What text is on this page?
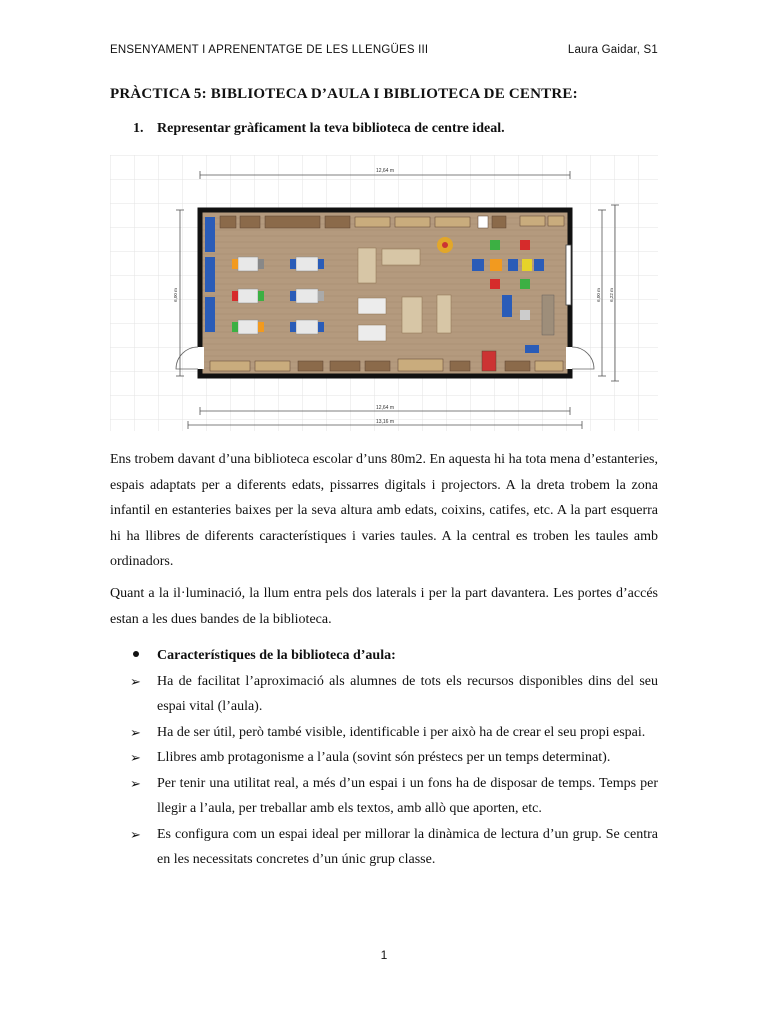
ENSENYAMENT I APRENENTATGE DE LES LLENGÜES III	Laura Gaidar, S1
PRÀCTICA 5: BIBLIOTECA D’AULA I BIBLIOTECA DE CENTRE:
1. Representar gràficament la teva biblioteca de centre ideal.
12,64 m
6,00 m	6,00 m 6,22 m
12,64 m
13,16 m
Ens trobem davant d’una biblioteca escolar d’uns 80m2. En aquesta hi ha tota mena d’estanteries, espais adaptats per a diferents edats, pissarres digitals i projectors. A la dreta trobem la zona infantil en estanteries baixes per la seva altura amb edats, coixins, catifes, etc. A la part esquerra hi ha llibres de diferents característiques i varies taules. A la central es troben les taules amb ordinadors.
Quant a la il·luminació, la llum entra pels dos laterals i per la part davantera. Les portes d’accés estan a les dues bandes de la biblioteca.
Característiques de la biblioteca d’aula:
➢	Ha de facilitat l’aproximació als alumnes de tots els recursos disponibles dins del seu espai vital (l’aula).
➢	Ha de ser útil, però també visible, identificable i per això ha de crear el seu propi espai.
➢	Llibres amb protagonisme a l’aula (sovint són préstecs per un temps determinat).
➢	Per tenir una utilitat real, a més d’un espai i un fons ha de disposar de temps. Temps per llegir a l’aula, per treballar amb els textos, amb allò que aporten, etc.
➢	Es configura com un espai ideal per millorar la dinàmica de lectura d’un grup. Se centra en les necessitats concretes d’un únic grup classe.
1
